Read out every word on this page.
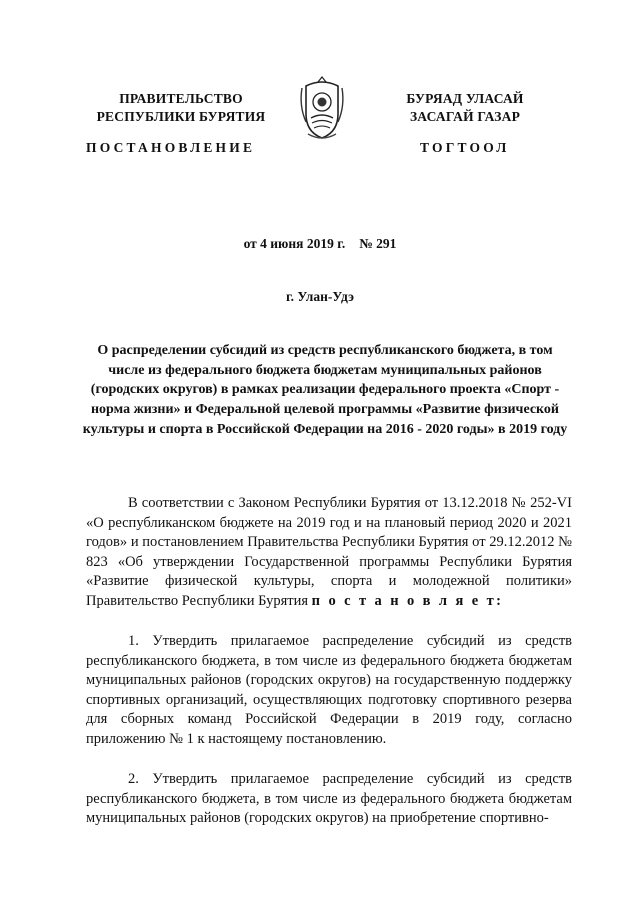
ПРАВИТЕЛЬСТВО
РЕСПУБЛИКИ БУРЯТИЯ
БУРЯАД УЛАСАЙ
ЗАСАГАЙ ГАЗАР
ПОСТАНОВЛЕНИЕ	ТОГТООЛ
от 4 июня 2019 г. № 291
г. Улан-Удэ
О распределении субсидий из средств республиканского бюджета, в том числе из федерального бюджета бюджетам муниципальных районов (городских округов) в рамках реализации федерального проекта «Спорт - норма жизни» и Федеральной целевой программы «Развитие физической культуры и спорта в Российской Федерации на 2016 - 2020 годы» в 2019 году
В соответствии с Законом Республики Бурятия от 13.12.2018 № 252-VI «О республиканском бюджете на 2019 год и на плановый период 2020 и 2021 годов» и постановлением Правительства Республики Бурятия от 29.12.2012 № 823 «Об утверждении Государственной программы Республики Бурятия «Развитие физической культуры, спорта и молодежной политики» Правительство Республики Бурятия п о с т а н о в л я е т:
1. Утвердить прилагаемое распределение субсидий из средств республиканского бюджета, в том числе из федерального бюджета бюджетам муниципальных районов (городских округов) на государственную поддержку спортивных организаций, осуществляющих подготовку спортивного резерва для сборных команд Российской Федерации в 2019 году, согласно приложению № 1 к настоящему постановлению.
2. Утвердить прилагаемое распределение субсидий из средств республиканского бюджета, в том числе из федерального бюджета бюджетам муниципальных районов (городских округов) на приобретение спортивно-
